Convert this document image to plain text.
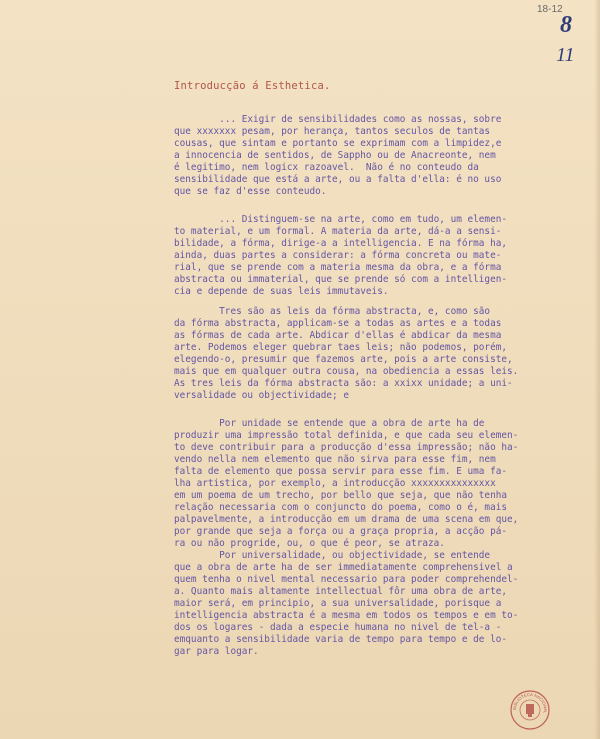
18-12
8
11
Introducção á Esthetica.
... Exigir de sensibilidades como as nossas, sobre
que xxxxxxx pesam, por herança, tantos seculos de tantas
cousas, que sintam e portanto se exprimam com a limpidez,e
a innocencia de sentidos, de Sappho ou de Anacreonte, nem
é legitimo, nem logicx razoavel.  Não é no conteudo da
sensibilidade que está a arte, ou a falta d'ella: é no uso
que se faz d'esse conteudo.
... Distinguem-se na arte, como em tudo, um elemen-
to material, e um formal. A materia da arte, dá-a a sensi-
bilidade, a fórma, dirige-a a intelligencia. E na fórma ha,
ainda, duas partes a considerar: a fórma concreta ou mate-
rial, que se prende com a materia mesma da obra, e a fórma
abstracta ou immaterial, que se prende só com a intelligen-
cia e depende de suas leis immutaveis.
Tres são as leis da fórma abstracta, e, como são
da fórma abstracta, applicam-se a todas as artes e a todas
as fórmas de cada arte. Abdicar d'ellas é abdicar da mesma
arte. Podemos eleger quebrar taes leis; não podemos, porém,
elegendo-o, presumir que fazemos arte, pois a arte consiste,
mais que em qualquer outra cousa, na obediencia a essas leis.
As tres leis da fórma abstracta são: a xxixx unidade; a uni-
versalidade ou objectividade; e
Por unidade se entende que a obra de arte ha de
produzir uma impressão total definida, e que cada seu elemen-
to deve contribuir para a producção d'essa impressão; não ha-
vendo nella nem elemento que não sirva para esse fim, nem
falta de elemento que possa servir para esse fim. E uma fa-
lha artistica, por exemplo, a introducção xxxxxxxxxxxxxxx
em um poema de um trecho, por bello que seja, que não tenha
relação necessaria com o conjuncto do poema, como o é, mais
palpavelmente, a introducção em um drama de uma scena em que,
por grande que seja a força ou a graça propria, a acção pá-
ra ou não progride, ou, o que é peor, se atraza.
Por universalidade, ou objectividade, se entende
que a obra de arte ha de ser immediatamente comprehensivel a
quem tenha o nivel mental necessario para poder comprehendel-
a. Quanto mais altamente intellectual fôr uma obra de arte,
maior será, em principio, a sua universalidade, porisque a
intelligencia abstracta é a mesma em todos os tempos e em to-
dos os logares - dada a especie humana no nivel de tel-a -
emquanto a sensibilidade varia de tempo para tempo e de lo-
gar para logar.
BIBLIOTECA NACIONAL
